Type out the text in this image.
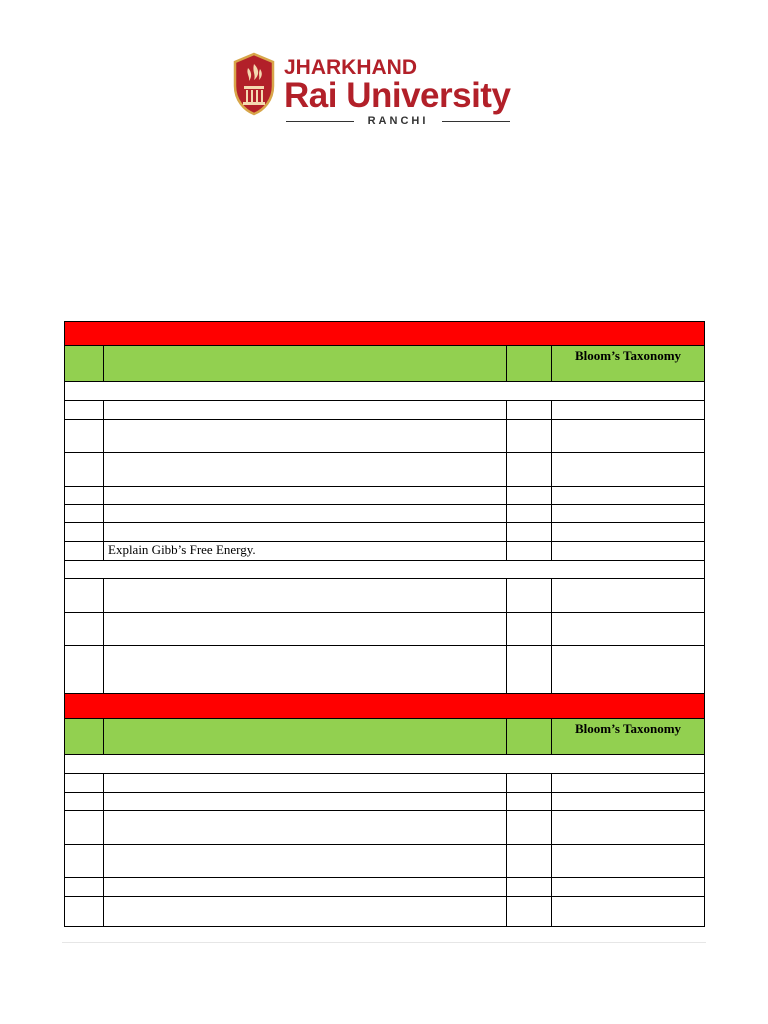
JHARKHAND
Rai University
RANCHI

			Bloom’s Taxonomy

	Explain Gibb’s Free Energy.		

			Bloom’s Taxonomy
